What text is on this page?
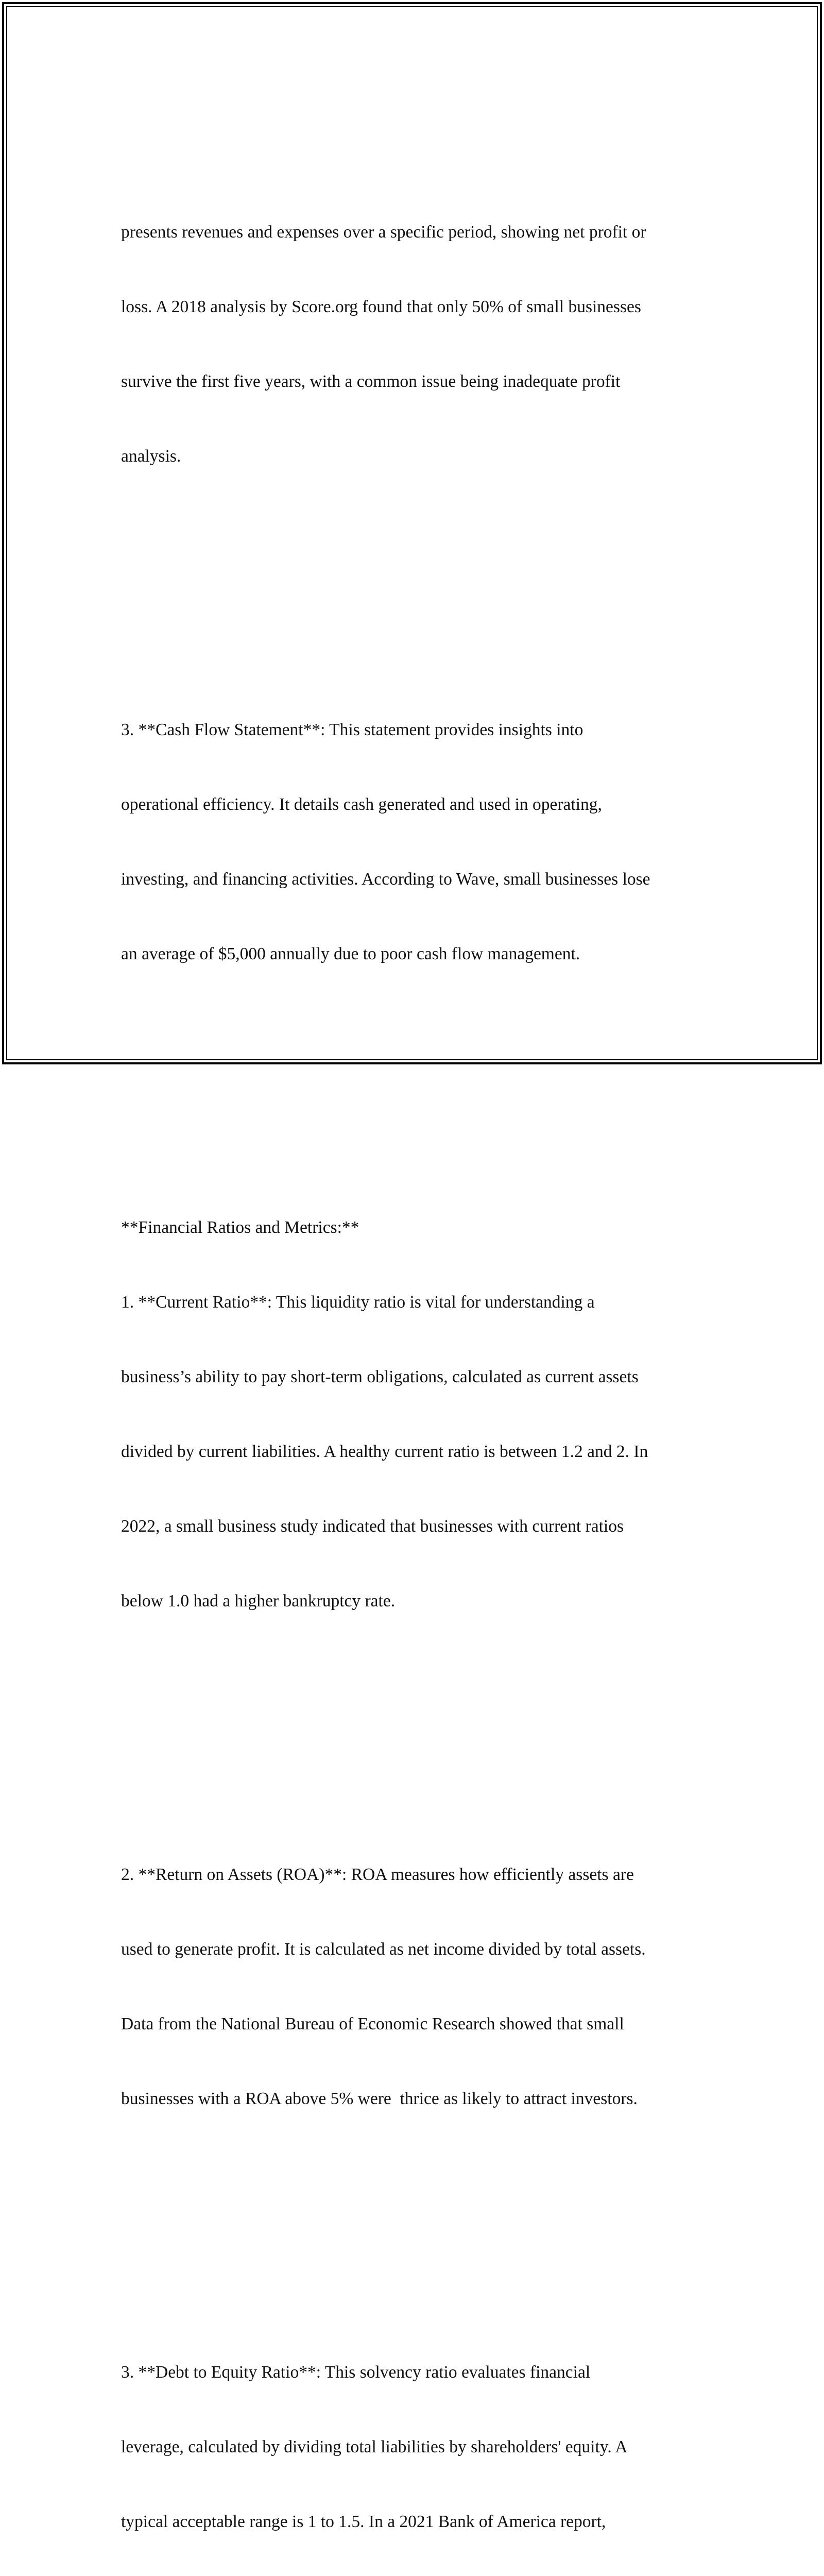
presents revenues and expenses over a specific period, showing net profit or

loss. A 2018 analysis by Score.org found that only 50% of small businesses

survive the first five years, with a common issue being inadequate profit

analysis.

3. **Cash Flow Statement**: This statement provides insights into

operational efficiency. It details cash generated and used in operating,

investing, and financing activities. According to Wave, small businesses lose

an average of $5,000 annually due to poor cash flow management.

**Financial Ratios and Metrics:**

1. **Current Ratio**: This liquidity ratio is vital for understanding a

business’s ability to pay short-term obligations, calculated as current assets

divided by current liabilities. A healthy current ratio is between 1.2 and 2. In

2022, a small business study indicated that businesses with current ratios

below 1.0 had a higher bankruptcy rate.

2. **Return on Assets (ROA)**: ROA measures how efficiently assets are

used to generate profit. It is calculated as net income divided by total assets.

Data from the National Bureau of Economic Research showed that small

businesses with a ROA above 5% were  thrice as likely to attract investors.

3. **Debt to Equity Ratio**: This solvency ratio evaluates financial

leverage, calculated by dividing total liabilities by shareholders' equity. A

typical acceptable range is 1 to 1.5. In a 2021 Bank of America report,
